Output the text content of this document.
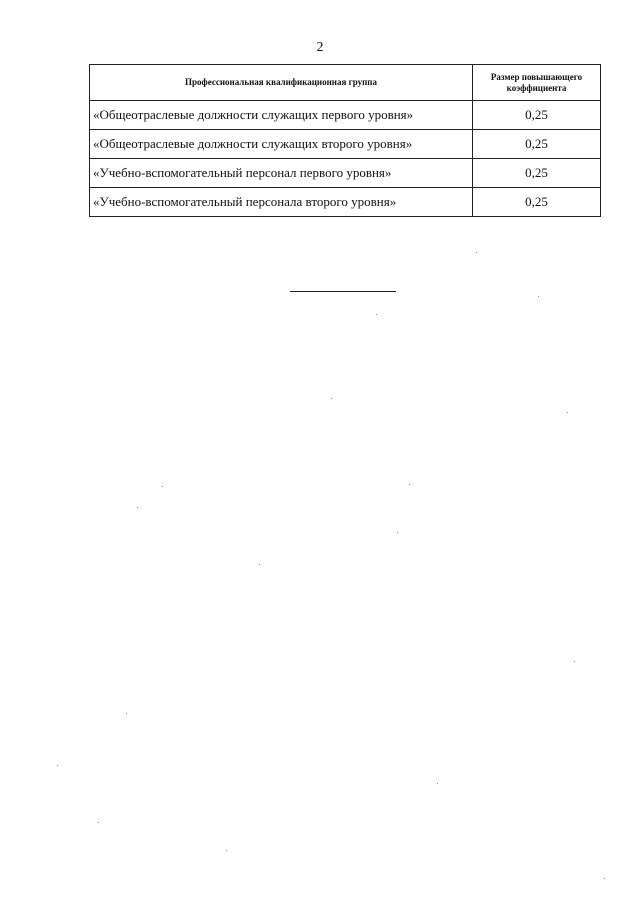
2
Профессиональная квалификационная группа	Размер повышающего коэффициента
«Общеотраслевые должности служащих первого уровня»	0,25
«Общеотраслевые должности служащих второго уровня»	0,25
«Учебно-вспомогательный персонал первого уровня»	0,25
«Учебно-вспомогательный персонала второго уровня»	0,25
